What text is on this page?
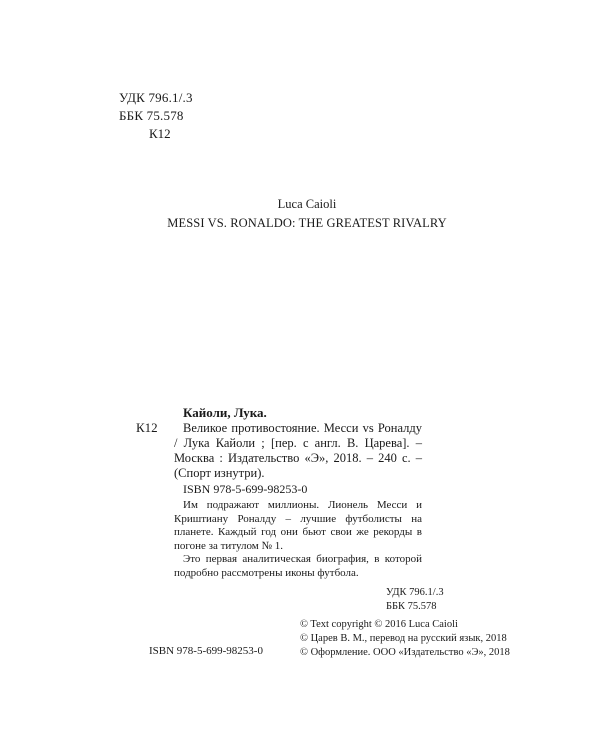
УДК 796.1/.3
ББК 75.578
К12
Luca Caioli
MESSI VS. RONALDO: THE GREATEST RIVALRY
Кайоли, Лука.
К12	Великое противостояние. Месси vs Роналду / Лука Кайоли ; [пер. с англ. В. Царева]. – Москва : Издательство «Э», 2018. – 240 с. – (Спорт изнутри).
ISBN 978-5-699-98253-0

Им подражают миллионы. Лионель Месси и Криштиану Роналду – лучшие футболисты на планете. Каждый год они бьют свои же рекорды в погоне за титулом № 1.

Это первая аналитическая биография, в которой подробно рассмотрены иконы футбола.

УДК 796.1/.3
ББК 75.578
ISBN 978-5-699-98253-0
© Text copyright © 2016 Luca Caioli
© Царев В. М., перевод на русский язык, 2018
© Оформление. ООО «Издательство «Э», 2018
